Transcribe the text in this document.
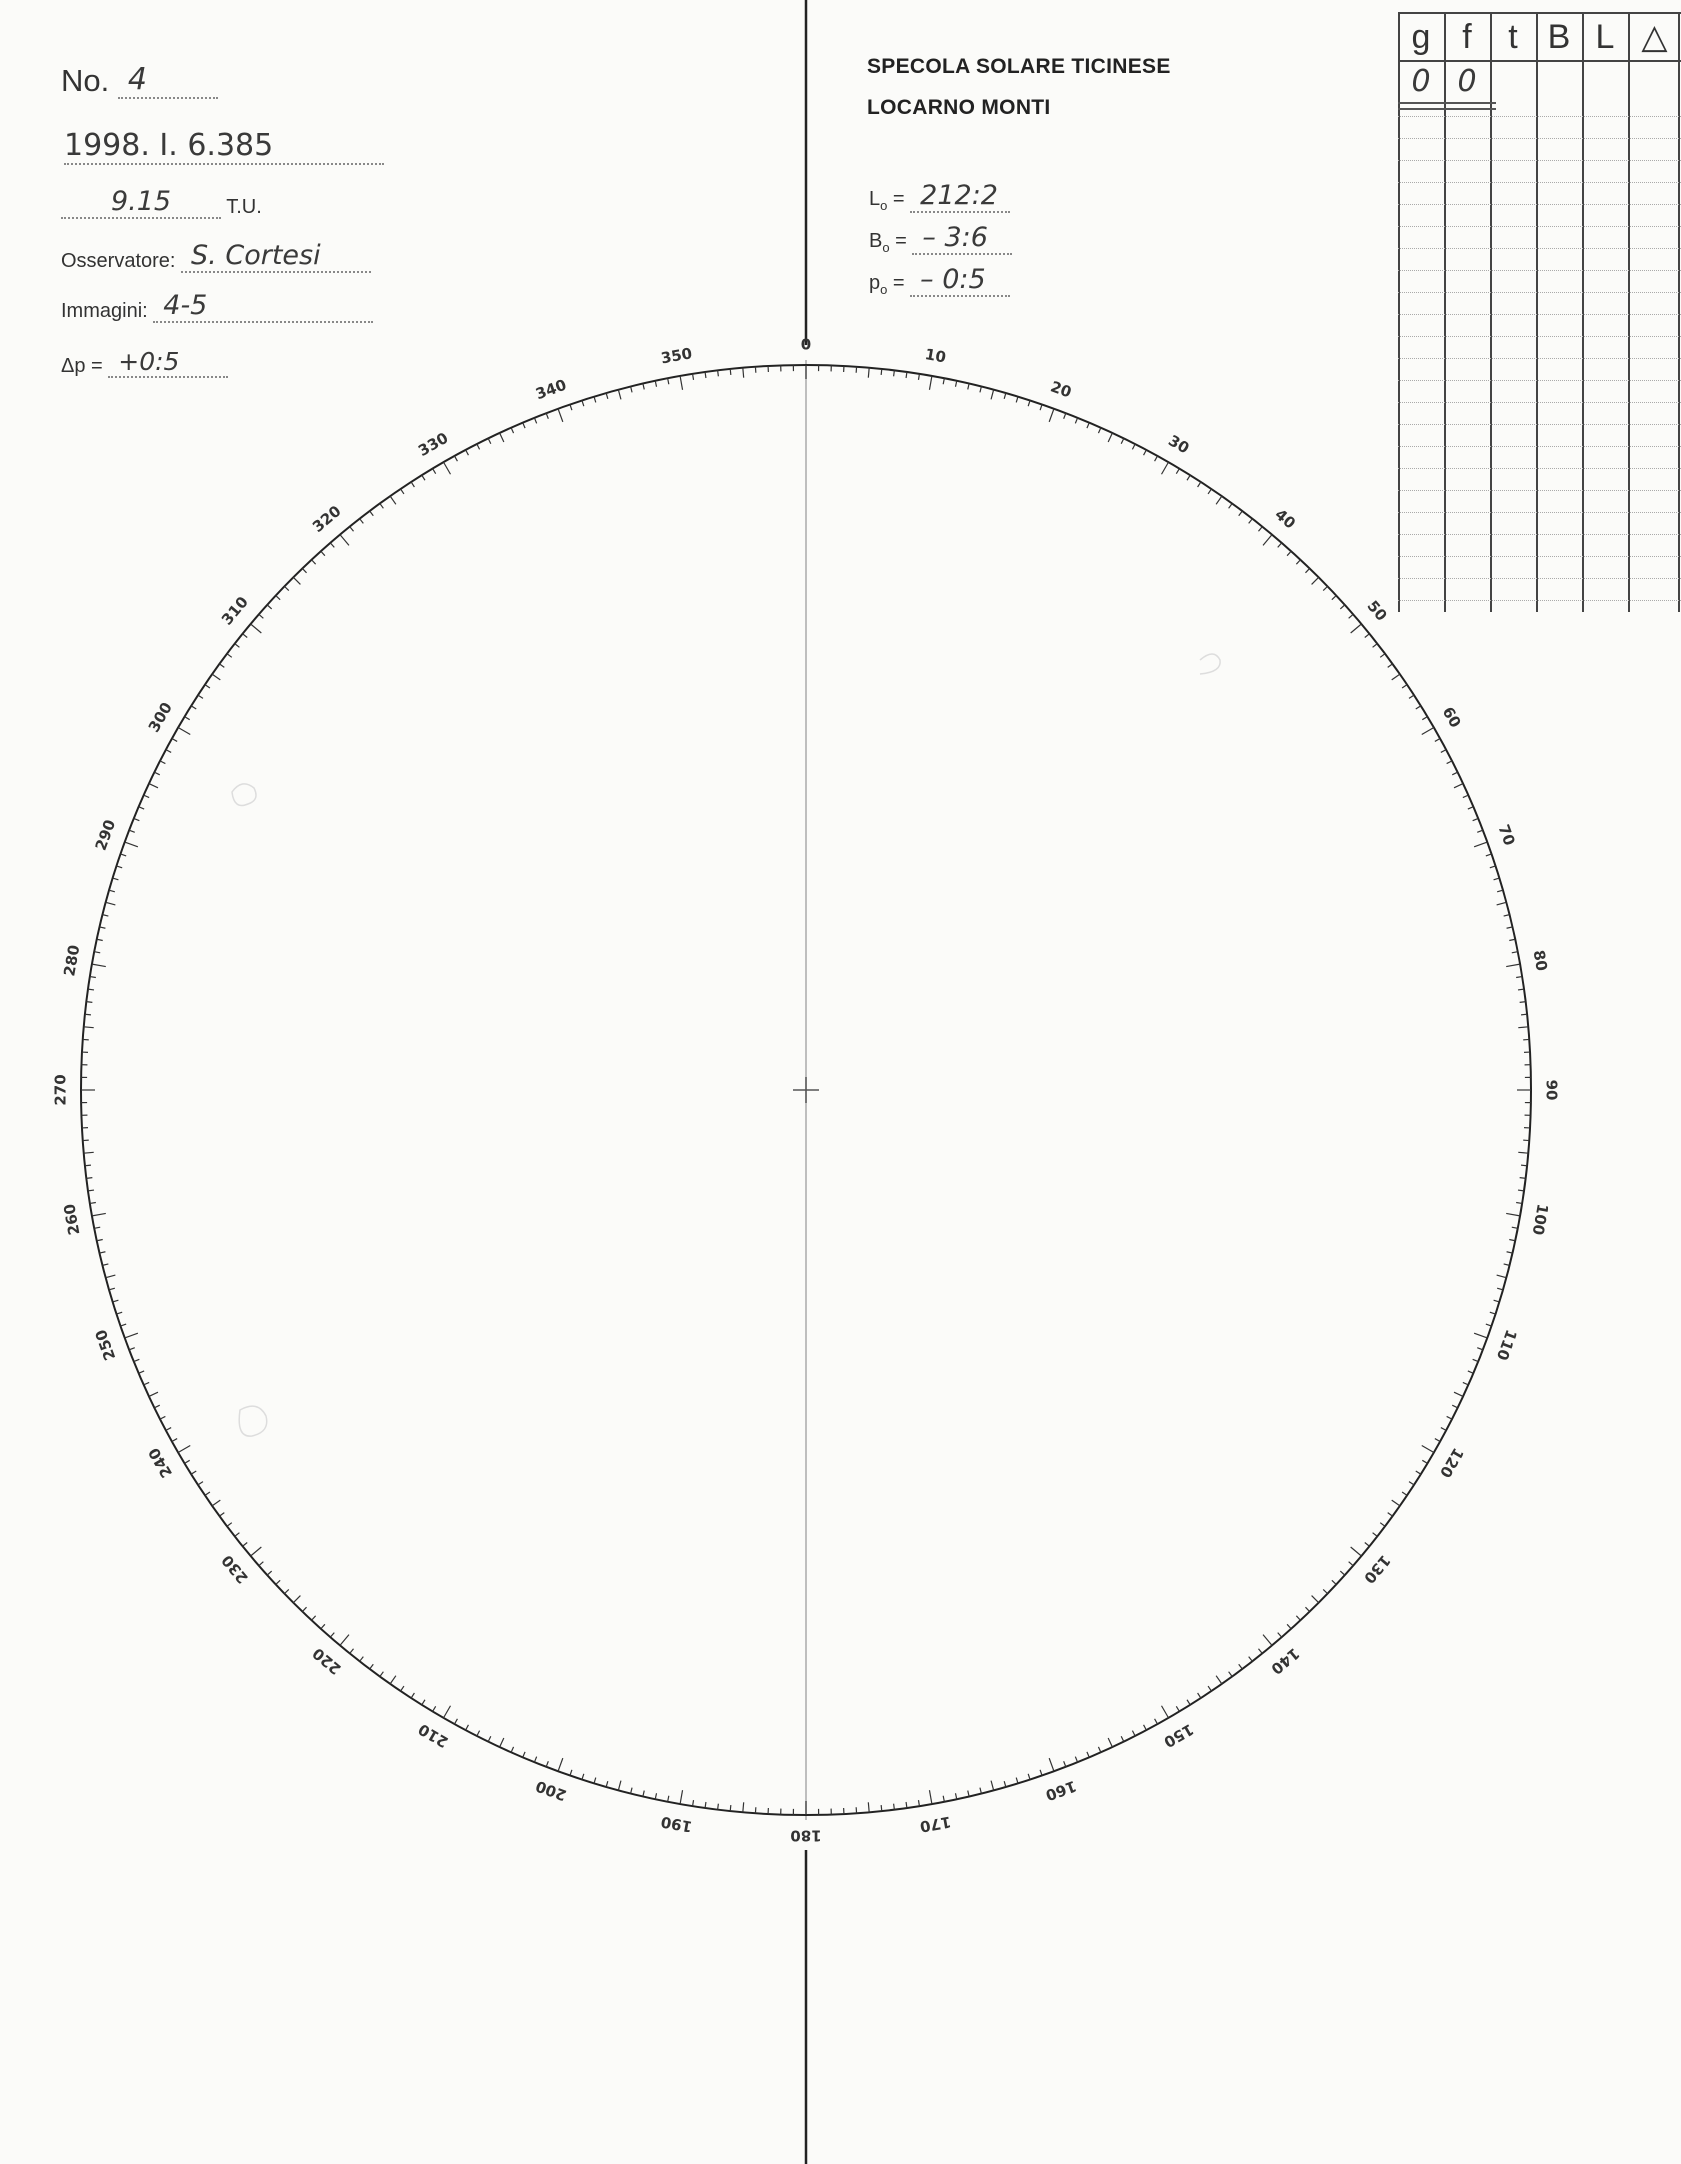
0
10
20
30
40
50
60
70
80
90
100
110
120
130
140
150
160
170
180
190
200
210
220
230
240
250
260
270
280
290
300
310
320
330
340
350
No. 4
1998. I. 6.385
9.15	T.U.
Osservatore: S. Cortesi
Immagini: 4-5
Δp = +0:5
SPECOLA SOLARE TICINESE
LOCARNO MONTI
$L_o$ = 212:2
$B_o$ = – 3:6
$p_o$ = – 0:5
g f	t B L △
0 0
